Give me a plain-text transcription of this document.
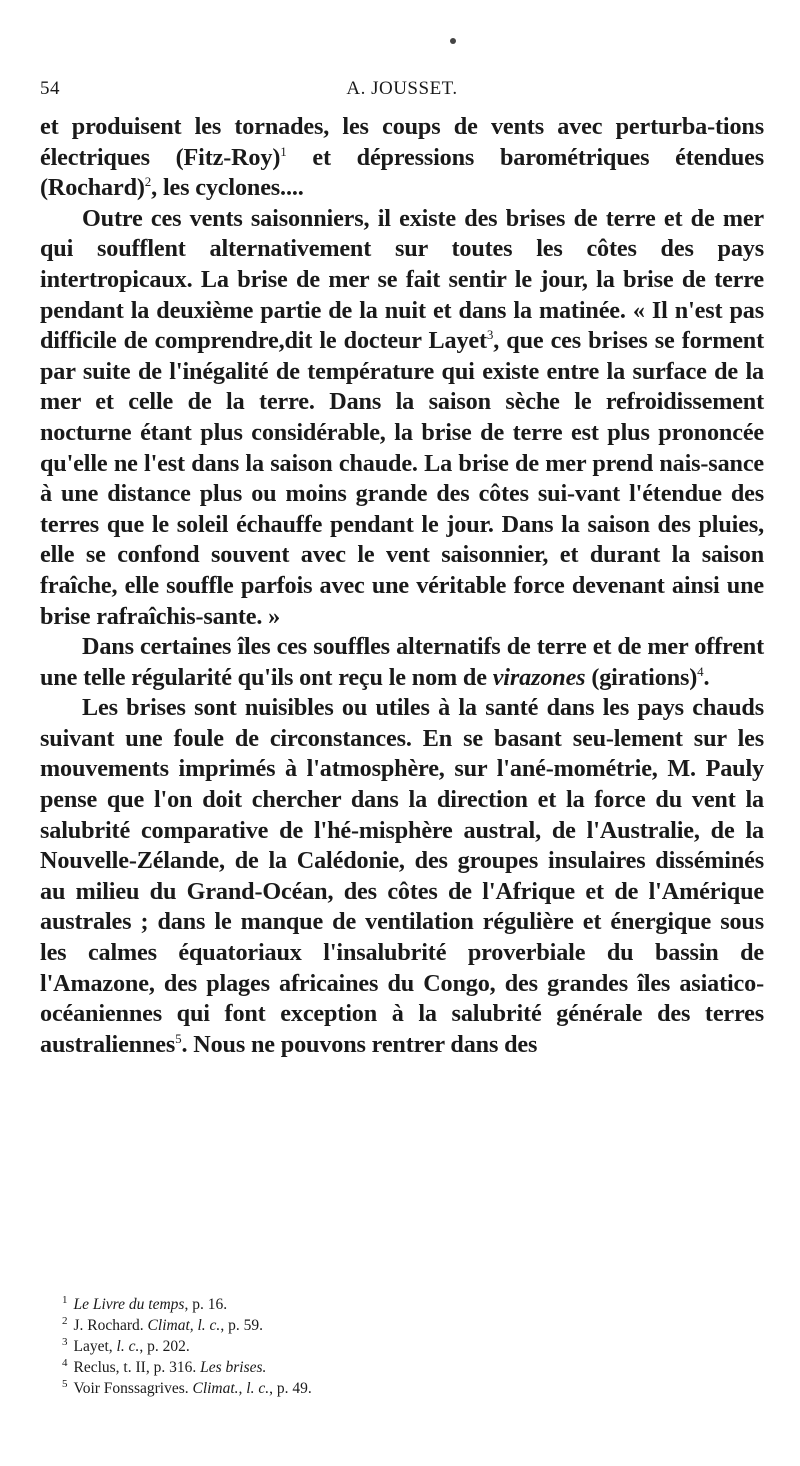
54	A. JOUSSET.

et produisent les tornades, les coups de vents avec perturba-tions électriques (Fitz-Roy)$^1$ et dépressions barométriques étendues (Rochard)$^2$, les cyclones....

Outre ces vents saisonniers, il existe des brises de terre et de mer qui soufflent alternativement sur toutes les côtes des pays intertropicaux. La brise de mer se fait sentir le jour, la brise de terre pendant la deuxième partie de la nuit et dans la matinée. « Il n'est pas difficile de comprendre,dit le docteur Layet$^3$, que ces brises se forment par suite de l'inégalité de température qui existe entre la surface de la mer et celle de la terre. Dans la saison sèche le refroidissement nocturne étant plus considérable, la brise de terre est plus prononcée qu'elle ne l'est dans la saison chaude. La brise de mer prend nais-sance à une distance plus ou moins grande des côtes sui-vant l'étendue des terres que le soleil échauffe pendant le jour. Dans la saison des pluies, elle se confond souvent avec le vent saisonnier, et durant la saison fraîche, elle souffle parfois avec une véritable force devenant ainsi une brise rafraîchis-sante. »

Dans certaines îles ces souffles alternatifs de terre et de mer offrent une telle régularité qu'ils ont reçu le nom de virazones (girations)$^4$.

Les brises sont nuisibles ou utiles à la santé dans les pays chauds suivant une foule de circonstances. En se basant seu-lement sur les mouvements imprimés à l'atmosphère, sur l'ané-mométrie, M. Pauly pense que l'on doit chercher dans la direction et la force du vent la salubrité comparative de l'hé-misphère austral, de l'Australie, de la Nouvelle-Zélande, de la Calédonie, des groupes insulaires disséminés au milieu du Grand-Océan, des côtes de l'Afrique et de l'Amérique australes ; dans le manque de ventilation régulière et énergique sous les calmes équatoriaux l'insalubrité proverbiale du bassin de l'Amazone, des plages africaines du Congo, des grandes îles asiatico-océaniennes qui font exception à la salubrité générale des terres australiennes$^5$. Nous ne pouvons rentrer dans des

$^1$ Le Livre du temps, p. 16.
$^2$ J. Rochard. Climat, l. c., p. 59.
$^3$ Layet, l. c., p. 202.
$^4$ Reclus, t. II, p. 316. Les brises.
$^5$ Voir Fonssagrives. Climat., l. c., p. 49.
